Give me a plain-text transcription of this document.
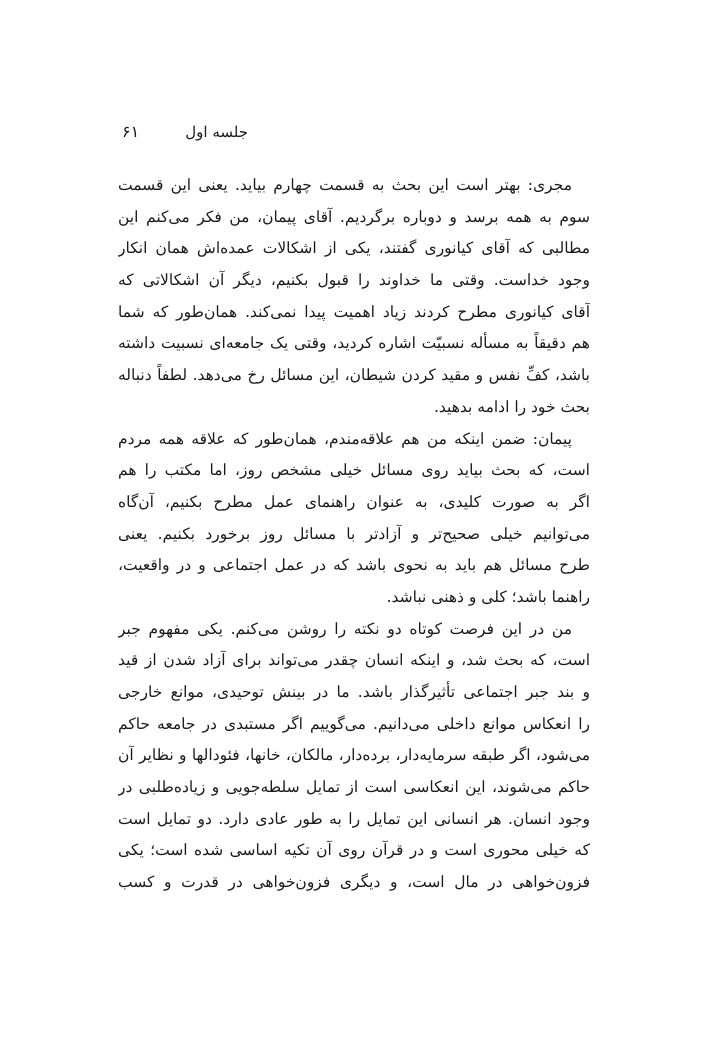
جلسه اول
۶۱
مجری: بهتر است این بحث به قسمت چهارم بیاید. یعنی این قسمت
سوم به همه برسد و دوباره برگردیم. آقای پیمان، من فکر می‌کنم این
مطالبی که آقای کیانوری گفتند، یکی از اشکالات عمده‌اش همان انکار
وجود خداست. وقتی ما خداوند را قبول بکنیم، دیگر آن اشکالاتی که
آقای کیانوری مطرح کردند زیاد اهمیت پیدا نمی‌کند. همان‌طور که شما
هم دقیقاً به مسأله نسبیّت اشاره کردید، وقتی یک جامعه‌ای نسبیت داشته
باشد، کفِّ نفس و مقید کردن شیطان، این مسائل رخ می‌دهد. لطفاً دنباله
بحث خود را ادامه بدهید.
پیمان: ضمن اینکه من هم علاقه‌مندم، همان‌طور که علاقه همه مردم
است، که بحث بیاید روی مسائل خیلی مشخص روز، اما مکتب را هم
اگر به صورت کلیدی، به عنوان راهنمای عمل مطرح بکنیم، آن‌گاه
می‌توانیم خیلی صحیح‌تر و آزادتر با مسائل روز برخورد بکنیم. یعنی
طرح مسائل هم باید به نحوی باشد که در عمل اجتماعی و در واقعیت،
راهنما باشد؛ کلی و ذهنی نباشد.
من در این فرصت کوتاه دو نکته را روشن می‌کنم. یکی مفهوم جبر
است، که بحث شد، و اینکه انسان چقدر می‌تواند برای آزاد شدن از قید
و بند جبر اجتماعی تأثیرگذار باشد. ما در بینش توحیدی، موانع خارجی
را انعکاس موانع داخلی می‌دانیم. می‌گوییم اگر مستبدی در جامعه حاکم
می‌شود، اگر طبقه سرمایه‌دار، برده‌دار، مالکان، خانها، فئودالها و نظایر آن
حاکم می‌شوند، این انعکاسی است از تمایل سلطه‌جویی و زیاده‌طلبی در
وجود انسان. هر انسانی این تمایل را به طور عادی دارد. دو تمایل است
که خیلی محوری است و در قرآن روی آن تکیه اساسی شده است؛ یکی
فزون‌خواهی در مال است، و دیگری فزون‌خواهی در قدرت و کسب
